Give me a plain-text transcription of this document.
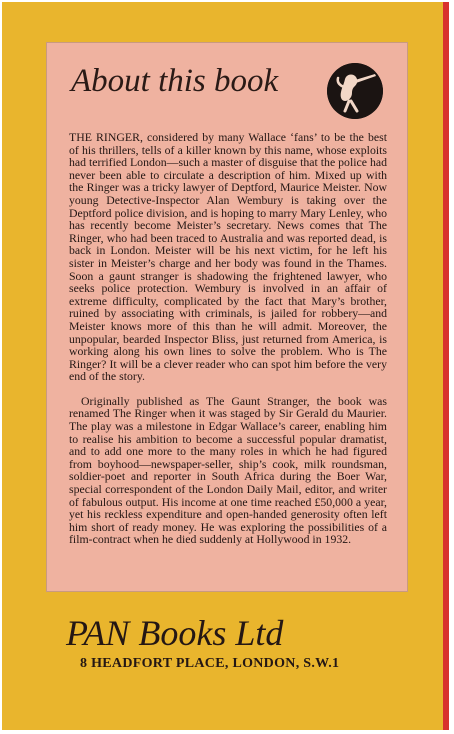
About this book

THE RINGER, considered by many Wallace ‘fans’ to be the best of his thrillers, tells of a killer known by this name, whose exploits had terrified London—such a master of disguise that the police had never been able to circulate a description of him. Mixed up with the Ringer was a tricky lawyer of Deptford, Maurice Meister. Now young Detective-Inspector Alan Wembury is taking over the Deptford police division, and is hoping to marry Mary Lenley, who has recently become Meister’s secretary. News comes that The Ringer, who had been traced to Australia and was reported dead, is back in London. Meister will be his next victim, for he left his sister in Meister’s charge and her body was found in the Thames. Soon a gaunt stranger is shadowing the frightened lawyer, who seeks police protection. Wembury is involved in an affair of extreme difficulty, complicated by the fact that Mary’s brother, ruined by associating with criminals, is jailed for robbery—and Meister knows more of this than he will admit. Moreover, the unpopular, bearded Inspector Bliss, just returned from America, is working along his own lines to solve the problem. Who is The Ringer? It will be a clever reader who can spot him before the very end of the story.

Originally published as The Gaunt Stranger, the book was renamed The Ringer when it was staged by Sir Gerald du Maurier. The play was a milestone in Edgar Wallace’s career, enabling him to realise his ambition to become a successful popular dramatist, and to add one more to the many roles in which he had figured from boyhood—newspaper-seller, ship’s cook, milk roundsman, soldier-poet and reporter in South Africa during the Boer War, special correspondent of the London Daily Mail, editor, and writer of fabulous output. His income at one time reached £50,000 a year, yet his reckless expenditure and open-handed generosity often left him short of ready money. He was exploring the possibilities of a film-contract when he died suddenly at Hollywood in 1932.

PAN Books Ltd
8 HEADFORT PLACE, LONDON, S.W.1
